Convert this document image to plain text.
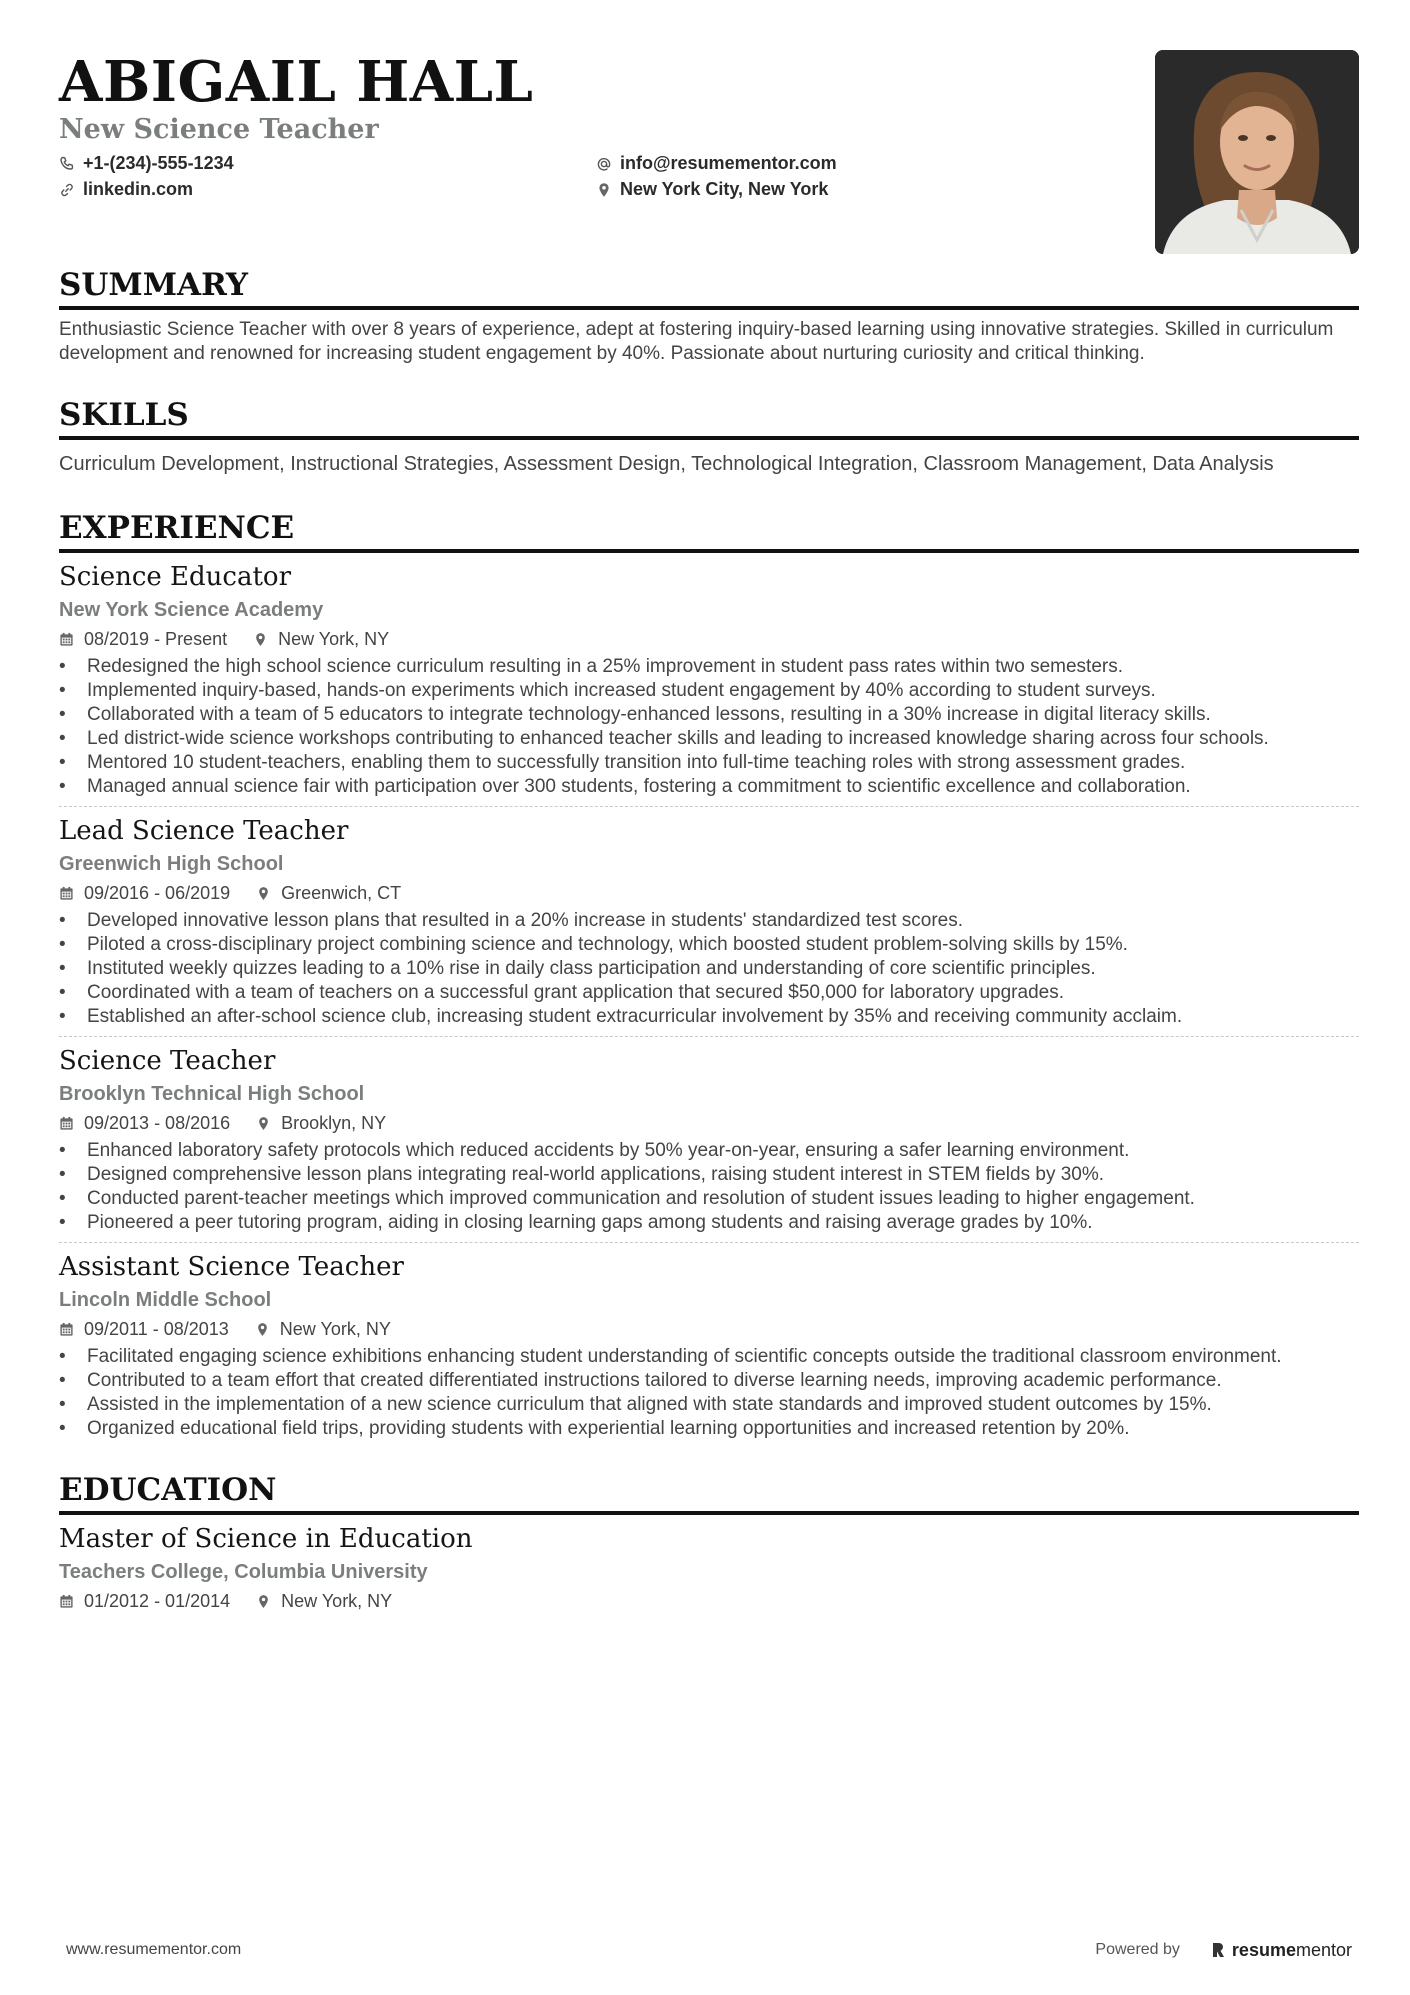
ABIGAIL HALL
New Science Teacher
+1-(234)-555-1234	info@resumementor.com
linkedin.com	New York City, New York
SUMMARY

Enthusiastic Science Teacher with over 8 years of experience, adept at fostering inquiry-based learning using innovative strategies. Skilled in curriculum development and renowned for increasing student engagement by 40%. Passionate about nurturing curiosity and critical thinking.

SKILLS

Curriculum Development, Instructional Strategies, Assessment Design, Technological Integration, Classroom Management, Data Analysis

EXPERIENCE
Science Educator
New York Science Academy
08/2019 - Present	New York, NY
• Redesigned the high school science curriculum resulting in a 25% improvement in student pass rates within two semesters.
• Implemented inquiry-based, hands-on experiments which increased student engagement by 40% according to student surveys.
• Collaborated with a team of 5 educators to integrate technology-enhanced lessons, resulting in a 30% increase in digital literacy skills.
• Led district-wide science workshops contributing to enhanced teacher skills and leading to increased knowledge sharing across four schools.
• Mentored 10 student-teachers, enabling them to successfully transition into full-time teaching roles with strong assessment grades.
• Managed annual science fair with participation over 300 students, fostering a commitment to scientific excellence and collaboration.
Lead Science Teacher
Greenwich High School
09/2016 - 06/2019	Greenwich, CT
• Developed innovative lesson plans that resulted in a 20% increase in students' standardized test scores.
• Piloted a cross-disciplinary project combining science and technology, which boosted student problem-solving skills by 15%.
• Instituted weekly quizzes leading to a 10% rise in daily class participation and understanding of core scientific principles.
• Coordinated with a team of teachers on a successful grant application that secured $50,000 for laboratory upgrades.
• Established an after-school science club, increasing student extracurricular involvement by 35% and receiving community acclaim.
Science Teacher
Brooklyn Technical High School
09/2013 - 08/2016	Brooklyn, NY
• Enhanced laboratory safety protocols which reduced accidents by 50% year-on-year, ensuring a safer learning environment.
• Designed comprehensive lesson plans integrating real-world applications, raising student interest in STEM fields by 30%.
• Conducted parent-teacher meetings which improved communication and resolution of student issues leading to higher engagement.
• Pioneered a peer tutoring program, aiding in closing learning gaps among students and raising average grades by 10%.
Assistant Science Teacher
Lincoln Middle School
09/2011 - 08/2013	New York, NY
• Facilitated engaging science exhibitions enhancing student understanding of scientific concepts outside the traditional classroom environment.
• Contributed to a team effort that created differentiated instructions tailored to diverse learning needs, improving academic performance.
• Assisted in the implementation of a new science curriculum that aligned with state standards and improved student outcomes by 15%.
• Organized educational field trips, providing students with experiential learning opportunities and increased retention by 20%.
EDUCATION
Master of Science in Education
Teachers College, Columbia University
01/2012 - 01/2014	New York, NY
www.resumementor.com	Powered by	resume mentor
